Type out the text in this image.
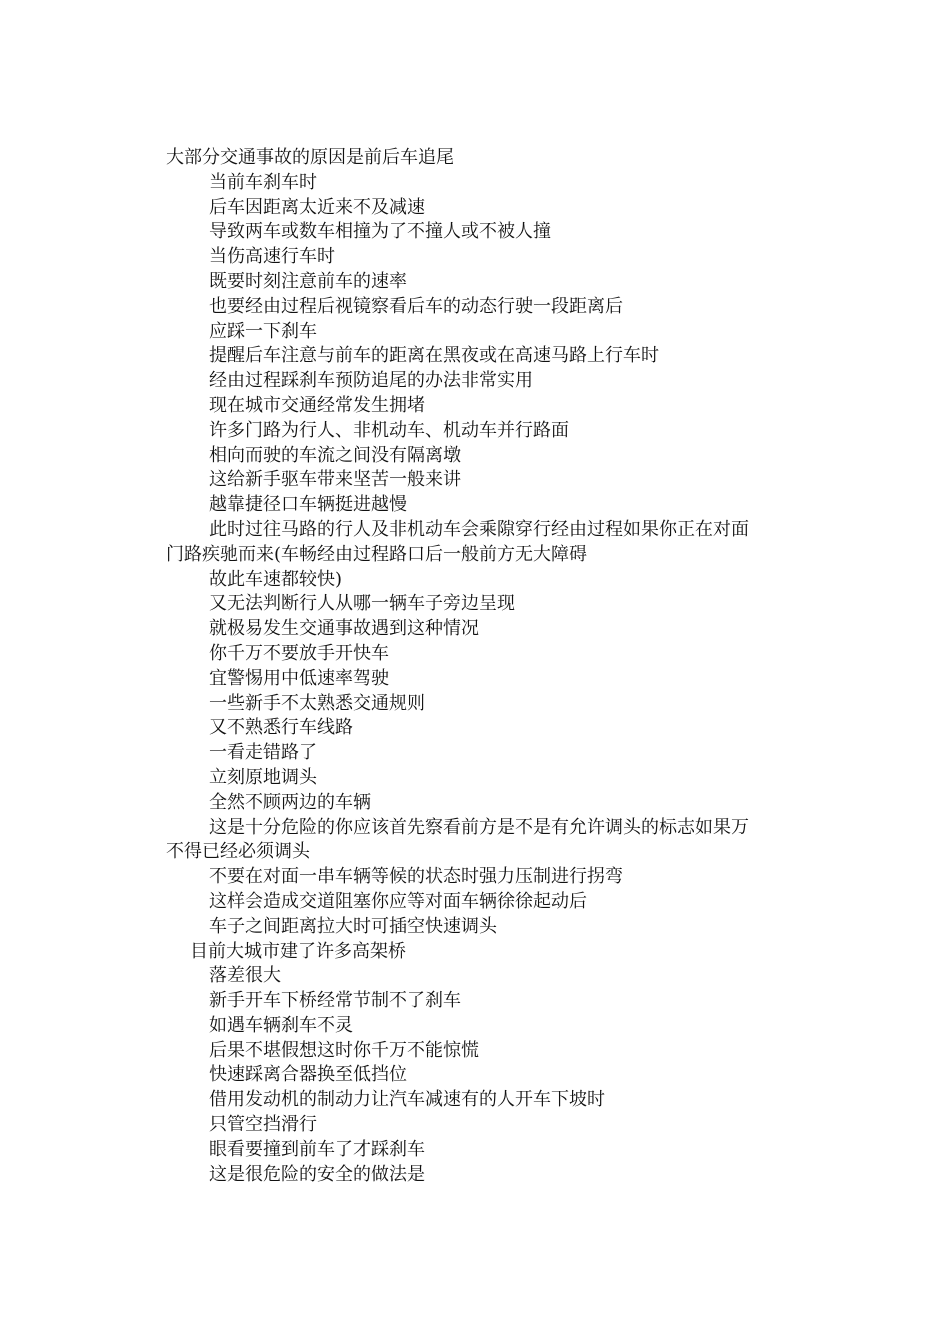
大部分交通事故的原因是前后车追尾

当前车刹车时

后车因距离太近来不及减速

导致两车或数车相撞为了不撞人或不被人撞

当伤高速行车时

既要时刻注意前车的速率

也要经由过程后视镜察看后车的动态行驶一段距离后

应踩一下刹车

提醒后车注意与前车的距离在黑夜或在高速马路上行车时

经由过程踩刹车预防追尾的办法非常实用

现在城市交通经常发生拥堵

许多门路为行人、非机动车、机动车并行路面

相向而驶的车流之间没有隔离墩

这给新手驱车带来坚苦一般来讲

越靠捷径口车辆挺进越慢

此时过往马路的行人及非机动车会乘隙穿行经由过程如果你正在对面

门路疾驰而来(车畅经由过程路口后一般前方无大障碍

故此车速都较快)

又无法判断行人从哪一辆车子旁边呈现

就极易发生交通事故遇到这种情况

你千万不要放手开快车

宜警惕用中低速率驾驶

一些新手不太熟悉交通规则

又不熟悉行车线路

一看走错路了

立刻原地调头

全然不顾两边的车辆

这是十分危险的你应该首先察看前方是不是有允许调头的标志如果万

不得已经必须调头

不要在对面一串车辆等候的状态时强力压制进行拐弯

这样会造成交道阻塞你应等对面车辆徐徐起动后

车子之间距离拉大时可插空快速调头

目前大城市建了许多高架桥

落差很大

新手开车下桥经常节制不了刹车

如遇车辆刹车不灵

后果不堪假想这时你千万不能惊慌

快速踩离合器换至低挡位

借用发动机的制动力让汽车减速有的人开车下坡时

只管空挡滑行

眼看要撞到前车了才踩刹车

这是很危险的安全的做法是
